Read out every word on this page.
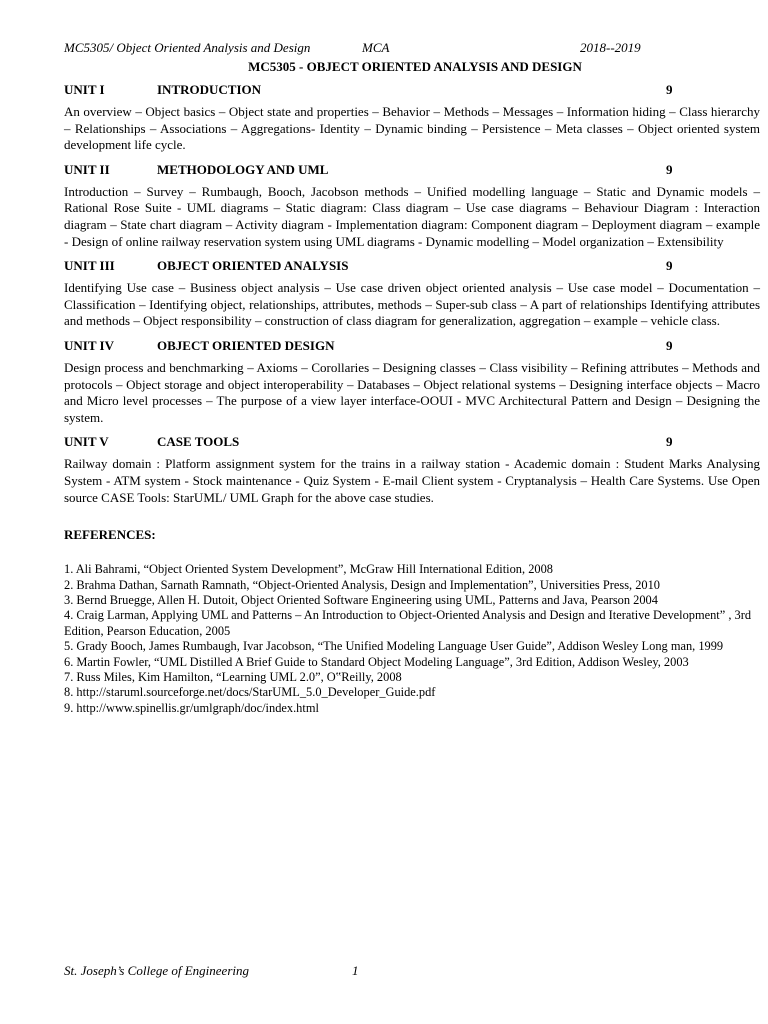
MC5305/ Object Oriented Analysis and Design	MCA	2018--2019
MC5305 - OBJECT ORIENTED ANALYSIS AND DESIGN
UNIT I	INTRODUCTION	9
An overview – Object basics – Object state and properties – Behavior – Methods – Messages – Information hiding – Class hierarchy – Relationships – Associations – Aggregations- Identity – Dynamic binding – Persistence – Meta classes – Object oriented system development life cycle.
UNIT II	METHODOLOGY AND UML	9
Introduction – Survey – Rumbaugh, Booch, Jacobson methods – Unified modelling language – Static and Dynamic models – Rational Rose Suite - UML diagrams – Static diagram: Class diagram – Use case diagrams – Behaviour Diagram : Interaction diagram – State chart diagram – Activity diagram - Implementation diagram: Component diagram – Deployment diagram – example - Design of online railway reservation system using UML diagrams - Dynamic modelling – Model organization – Extensibility
UNIT III	OBJECT ORIENTED ANALYSIS	9
Identifying Use case – Business object analysis – Use case driven object oriented analysis – Use case model – Documentation – Classification – Identifying object, relationships, attributes, methods – Super-sub class – A part of relationships Identifying attributes and methods – Object responsibility – construction of class diagram for generalization, aggregation – example – vehicle class.
UNIT IV	OBJECT ORIENTED DESIGN	9
Design process and benchmarking – Axioms – Corollaries – Designing classes – Class visibility – Refining attributes – Methods and protocols – Object storage and object interoperability – Databases – Object relational systems – Designing interface objects – Macro and Micro level processes – The purpose of a view layer interface-OOUI - MVC Architectural Pattern and Design – Designing the system.
UNIT V	CASE TOOLS	9
Railway domain : Platform assignment system for the trains in a railway station - Academic domain : Student Marks Analysing System - ATM system - Stock maintenance - Quiz System - E-mail Client system - Cryptanalysis – Health Care Systems. Use Open source CASE Tools: StarUML/ UML Graph for the above case studies.
REFERENCES:
1. Ali Bahrami, “Object Oriented System Development”, McGraw Hill International Edition, 2008
2. Brahma Dathan, Sarnath Ramnath, “Object-Oriented Analysis, Design and Implementation”, Universities Press, 2010
3. Bernd Bruegge, Allen H. Dutoit, Object Oriented Software Engineering using UML, Patterns and Java, Pearson 2004
4. Craig Larman, Applying UML and Patterns – An Introduction to Object-Oriented Analysis and Design and Iterative Development” , 3rd Edition, Pearson Education, 2005
5. Grady Booch, James Rumbaugh, Ivar Jacobson, “The Unified Modeling Language User Guide”, Addison Wesley Long man, 1999
6. Martin Fowler, “UML Distilled A Brief Guide to Standard Object Modeling Language”, 3rd Edition, Addison Wesley, 2003
7. Russ Miles, Kim Hamilton, “Learning UML 2.0”, O‟Reilly, 2008
8. http://staruml.sourceforge.net/docs/StarUML_5.0_Developer_Guide.pdf
9. http://www.spinellis.gr/umlgraph/doc/index.html
St. Joseph’s College of Engineering	1
